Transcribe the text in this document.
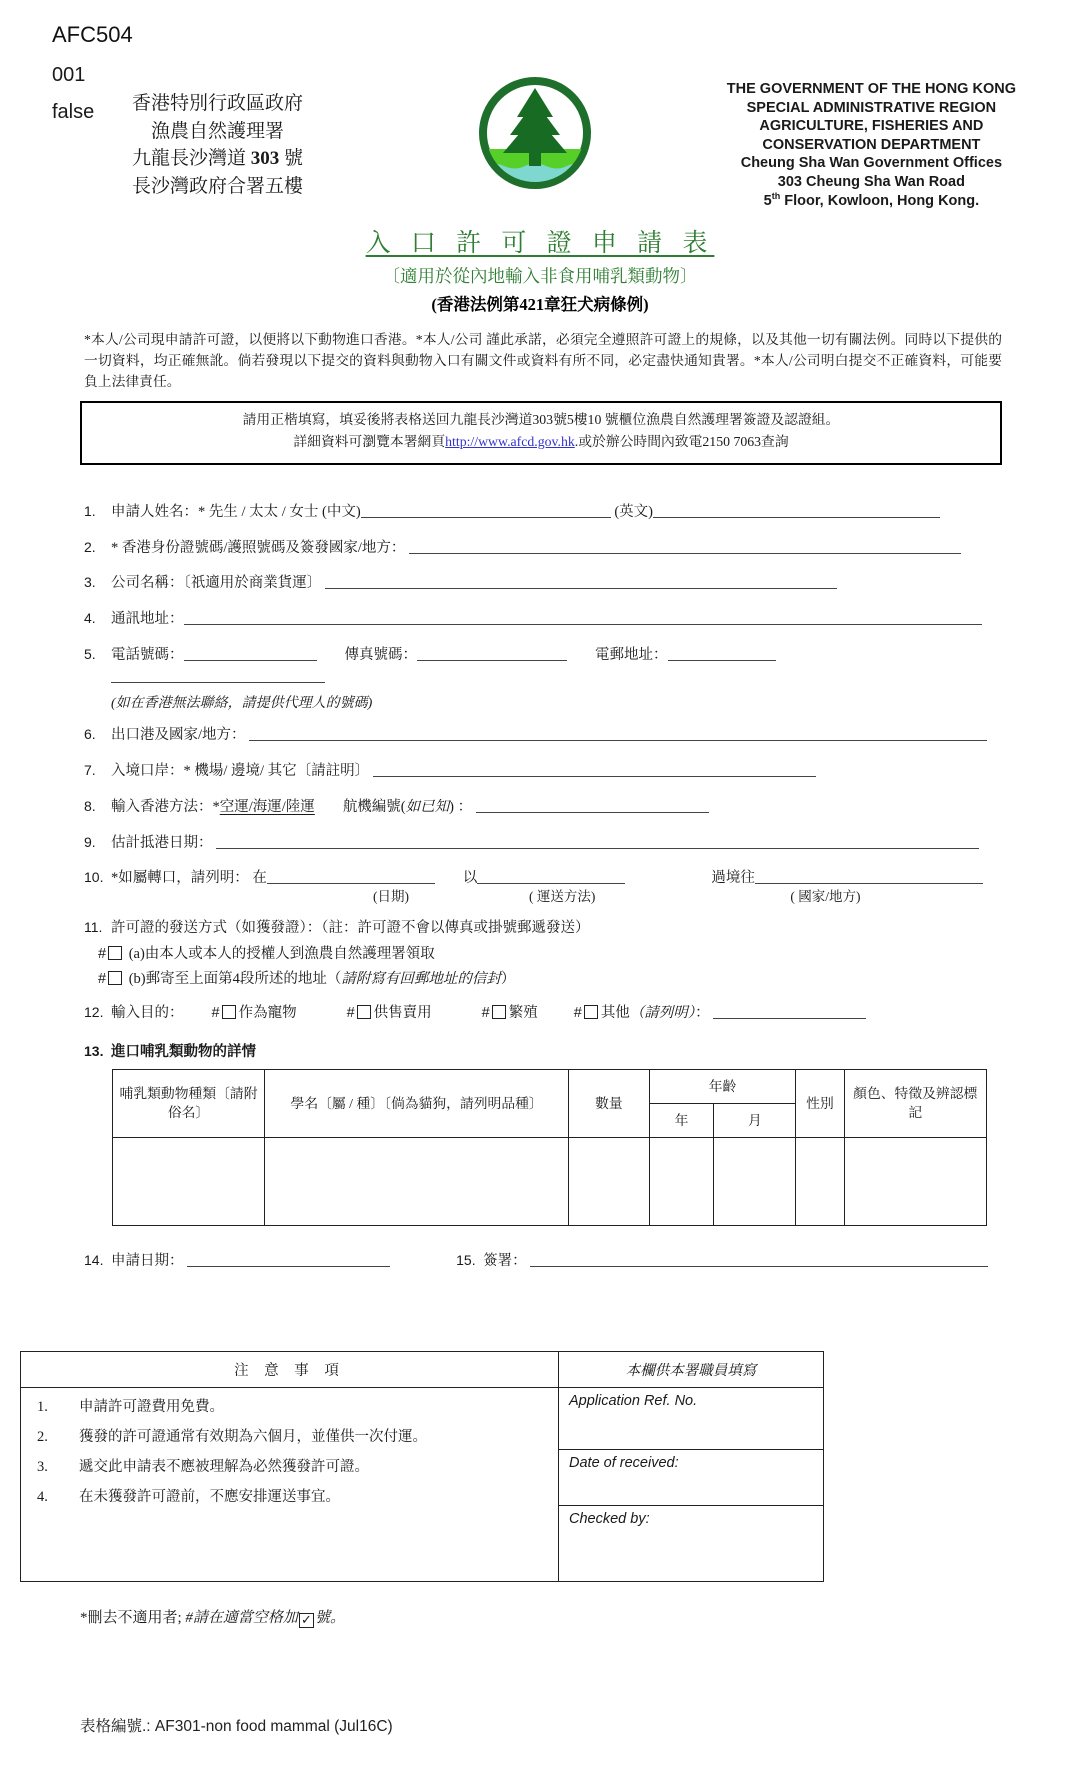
AFC504
001
false	香港特別行政區政府
漁農自然護理署
九龍長沙灣道 303 號
長沙灣政府合署五樓
THE GOVERNMENT OF THE HONG KONG
SPECIAL ADMINISTRATIVE REGION
AGRICULTURE, FISHERIES AND
CONSERVATION DEPARTMENT
Cheung Sha Wan Government Offices
303 Cheung Sha Wan Road
5th Floor, Kowloon, Hong Kong.
入 口 許 可 證 申 請 表
〔適用於從內地輸入非食用哺乳類動物〕
(香港法例第421章狂犬病條例)
*本人/公司現申請許可證，以便將以下動物進口香港。*本人/公司 謹此承諾，必須完全遵照許可證上的規條，以及其他一切有關法例。同時以下提供的一切資料，均正確無訛。倘若發現以下提交的資料與動物入口有關文件或資料有所不同，必定盡快通知貴署。*本人/公司明白提交不正確資料，可能要負上法律責任。
請用正楷填寫，填妥後將表格送回九龍長沙灣道303號5樓10 號櫃位漁農自然護理署簽證及認證組。
詳細資料可瀏覽本署網頁http://www.afcd.gov.hk.或於辦公時間內致電2150 7063查詢
1.	申請人姓名：* 先生 / 太太 / 女士 (中文)	(英文)
2.	* 香港身份證號碼/護照號碼及簽發國家/地方：
3.	公司名稱：〔祇適用於商業貨運〕
4.	通訊地址：
5.	電話號碼：	傳真號碼：	電郵地址：
(如在香港無法聯絡，請提供代理人的號碼)
6.	出口港及國家/地方：
7.	入境口岸：* 機場/ 邊境/ 其它〔請註明〕
8.	輸入香港方法：*空運/海運/陸運 航機編號(如已知) ：
9.	估計抵港日期：
10. *如屬轉口，請列明： 在	以	過境往
(日期)	( 運送方法)	( 國家/地方)
11. 許可證的發送方式（如獲發證）：（註：許可證不會以傳真或掛號郵遞發送）
# (a)由本人或本人的授權人到漁農自然護理署領取
# (b)郵寄至上面第4段所述的地址（請附寫有回郵地址的信封）
12. 輸入目的： # 作為寵物	# 供售賣用	# 繁殖 # 其他（請列明）：
13. 進口哺乳類動物的詳情
哺乳類動物種類〔請附俗名〕	學名〔屬 / 種〕〔倘為貓狗，請列明品種〕	數量	年齡		性別	顏色、特徵及辨認標記
			年	月		

14. 申請日期：	15. 簽署：
注 意 事 項	本欄供本署職員填寫

1.	申請許可證費用免費。
2.	獲發的許可證通常有效期為六個月，並僅供一次付運。
3.	遞交此申請表不應被理解為必然獲發許可證。
4.	在未獲發許可證前，不應安排運送事宜。
	Application Ref. No.
	Date of received:
	Checked by:
*刪去不適用者; #請在適當空格加 ✓ 號。
表格編號.: AF301-non food mammal (Jul16C)
